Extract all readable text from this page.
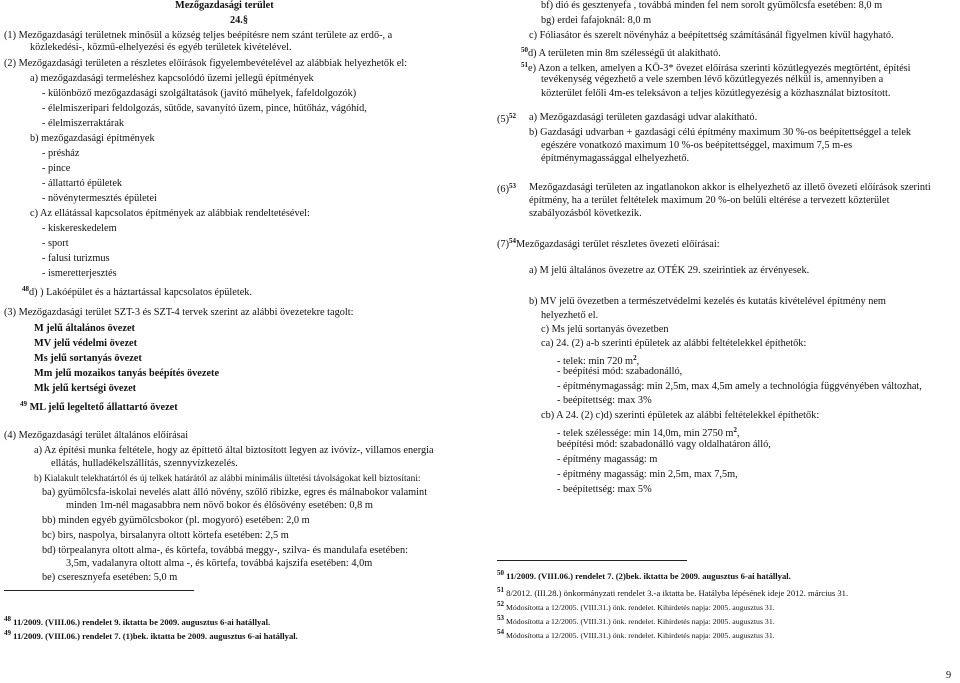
Mezőgazdasági terület
24.§
(1) Mezőgazdasági területnek minősül a község teljes beépítésre nem szánt területe az erdő-, a
közlekedési-, közmű-elhelyezési és egyéb területek kivételével.
(2) Mezőgazdasági területen a részletes előírások figyelembevételével az alábbiak helyezhetők el:
a) mezőgazdasági termeléshez kapcsolódó üzemi jellegű építmények
- különböző mezőgazdasági szolgáltatások (javító műhelyek, fafeldolgozók)
- élelmiszeripari feldolgozás, sütőde, savanyító üzem, pince, hűtőház, vágóhíd,
- élelmiszerraktárak
b) mezőgazdasági építmények
- présház
- pince
- állattartó épületek
- növénytermesztés épületei
c) Az ellátással kapcsolatos építmények az alábbiak rendeltetésével:
- kiskereskedelem
- sport
- falusi turizmus
- ismeretterjesztés
$^{48}$d) ) Lakóépület és a háztartással kapcsolatos épületek.
(3) Mezőgazdasági terület SZT-3 és SZT-4 tervek szerint az alábbi övezetekre tagolt:
M jelű általános övezet
MV jelű védelmi övezet
Ms jelű sortanyás övezet
Mm jelű mozaikos tanyás beépítés övezete
Mk jelű kertségi övezet
$^{49}$ ML jelű legeltető állattartó övezet
(4) Mezőgazdasági terület általános előírásai
a) Az építési munka feltétele, hogy az építtető által biztosított legyen az ivóvíz-, villamos energia
ellátás, hulladékelszállítás, szennyvízkezelés.
b) Kialakult telekhatártól és új telkek határától az alábbi minimális ültetési távolságokat kell biztosítani:
ba) gyümölcsfa-iskolai nevelés alatt álló növény, szőlő ribizke, egres és málnabokor valamint
minden 1m-nél magasabbra nem növő bokor és élősövény esetében: 0,8 m
bb) minden egyéb gyümölcsbokor (pl. mogyoró) esetében: 2,0 m
bc) birs, naspolya, birsalanyra oltott körtefa esetében: 2,5 m
bd) törpealanyra oltott alma-, és körtefa, továbbá meggy-, szilva- és mandulafa esetében:
3,5m, vadalanyra oltott alma -, és körtefa, továbbá kajszifa esetében: 4,0m
be) cseresznyefa esetében: 5,0 m
$^{48}$ 11/2009. (VIII.06.) rendelet 9. iktatta be 2009. augusztus 6-ai hatállyal.
$^{49}$ 11/2009. (VIII.06.) rendelet 7. (1)bek. iktatta be 2009. augusztus 6-ai hatállyal.
bf) dió és gesztenyefa , továbbá minden fel nem sorolt gyümölcsfa esetében: 8,0 m
bg) erdei fafajoknál: 8,0 m
c) Fóliasátor és szerelt növényház a beépítettség számításánál figyelmen kívül hagyható.
$^{50}$d) A területen min 8m szélességű út alakítható.
$^{51}$e) Azon a telken, amelyen a KÖ-3* övezet előírása szerinti közútlegyezés megtörtént, építési
tevékenység végezhető a vele szemben lévő közútlegyezés nélkül is, amennyiben a
közterület felőli 4m-es teleksávon a teljes közútlegyezésig a közhasználat biztosított.
$(5)^{52}$ a) Mezőgazdasági területen gazdasági udvar alakítható.
b) Gazdasági udvarban + gazdasági célú építmény maximum 30 %-os beépítettséggel a telek
egészére vonatkozó maximum 10 %-os beépítettséggel, maximum 7,5 m-es
építménymagassággal elhelyezhető.
$(6)^{53}$ Mezőgazdasági területen az ingatlanokon akkor is elhelyezhető az illető övezeti előírások szerinti
építmény, ha a terület feltételek maximum 20 %-on belüli eltérése a tervezett közterület
szabályozásból következik.
$(7)^{54}Mezőgazdasági$ terület részletes övezeti előírásai:
a) M jelű általános övezetre az OTÉK 29. szeirintiek az érvényesek.
b) MV jelű övezetben a természetvédelmi kezelés és kutatás kivételével építmény nem
helyezhető el.
c) Ms jelű sortanyás övezetben
ca) 24. (2) a-b szerinti épületek az alábbi feltételekkel építhetők:
- telek: min 720 $m^2$,
- beépítési mód: szabadonálló,
- építménymagasság: min 2,5m, max 4,5m amely a technológia függvényében változhat,
- beépítettség: max 3%
cb) A 24. (2) c)d) szerinti épületek az alábbi feltételekkel építhetők:
- telek szélessége: min 14,0m, min 2750 $m^2$,
beépítési mód: szabadonálló vagy oldalhatáron álló,
- építmény magasság: m
- építmény magasság: min 2,5m, max 7,5m,
- beépítettség: max 5%
$^{50}$ 11/2009. (VIII.06.) rendelet 7. (2)bek. iktatta be 2009. augusztus 6-ai hatállyal.
$^{51}$ 8/2012. (III.28.) önkormányzati rendelet 3.-a iktatta be. Hatályba lépésének ideje 2012. március 31.
52 Módosította a 12/2005. (VIII.31.) önk. rendelet. Kihirdetés napja: 2005. augusztus 31.
53 Módosította a 12/2005. (VIII.31.) önk. rendelet. Kihirdetés napja: 2005. augusztus 31.
54 Módosította a 12/2005. (VIII.31.) önk. rendelet. Kihirdetés napja: 2005. augusztus 31.
9
